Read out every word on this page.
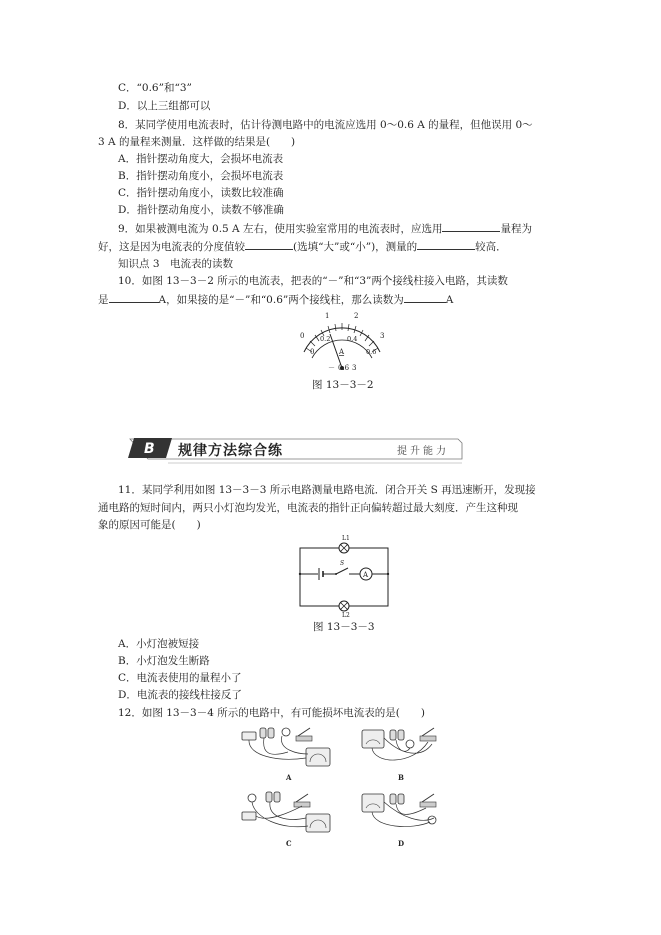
C．“0.6”和“3”
D．以上三组都可以
8．某同学使用电流表时，估计待测电路中的电流应选用 0～0.6 A 的量程，但他误用 0～
3 A 的量程来测量．这样做的结果是(　　)
A．指针摆动角度大，会损坏电流表
B．指针摆动角度小，会损坏电流表
C．指针摆动角度小，读数比较准确
D．指针摆动角度小，读数不够准确
9．如果被测电流为 0.5 A 左右，使用实验室常用的电流表时，应选用	量程为
好，这是因为电流表的分度值较	(选填“大”或“小”)，测量的	较高．
知识点 3　电流表的读数
10．如图 13－3－2 所示的电流表，把表的“－”和“3”两个接线柱接入电路，其读数
是	A，如果接的是“－”和“0.6”两个接线柱，那么读数为	A
0
1	2
3
0
0.2	0.4
0.6
A
－ 0.6 3
图 13－3－2
B 规律方法综合练	提升能力
11．某同学利用如图 13－3－3 所示电路测量电路电流．闭合开关 S 再迅速断开，发现接
通电路的短时间内，两只小灯泡均发光，电流表的指针正向偏转超过最大刻度．产生这种现
象的原因可能是(　　)
L1
L2
S
A
图 13－3－3
A．小灯泡被短接
B．小灯泡发生断路
C．电流表使用的量程小了
D．电流表的接线柱接反了
12．如图 13－3－4 所示的电路中，有可能损坏电流表的是(　　)
A	B
C	D
